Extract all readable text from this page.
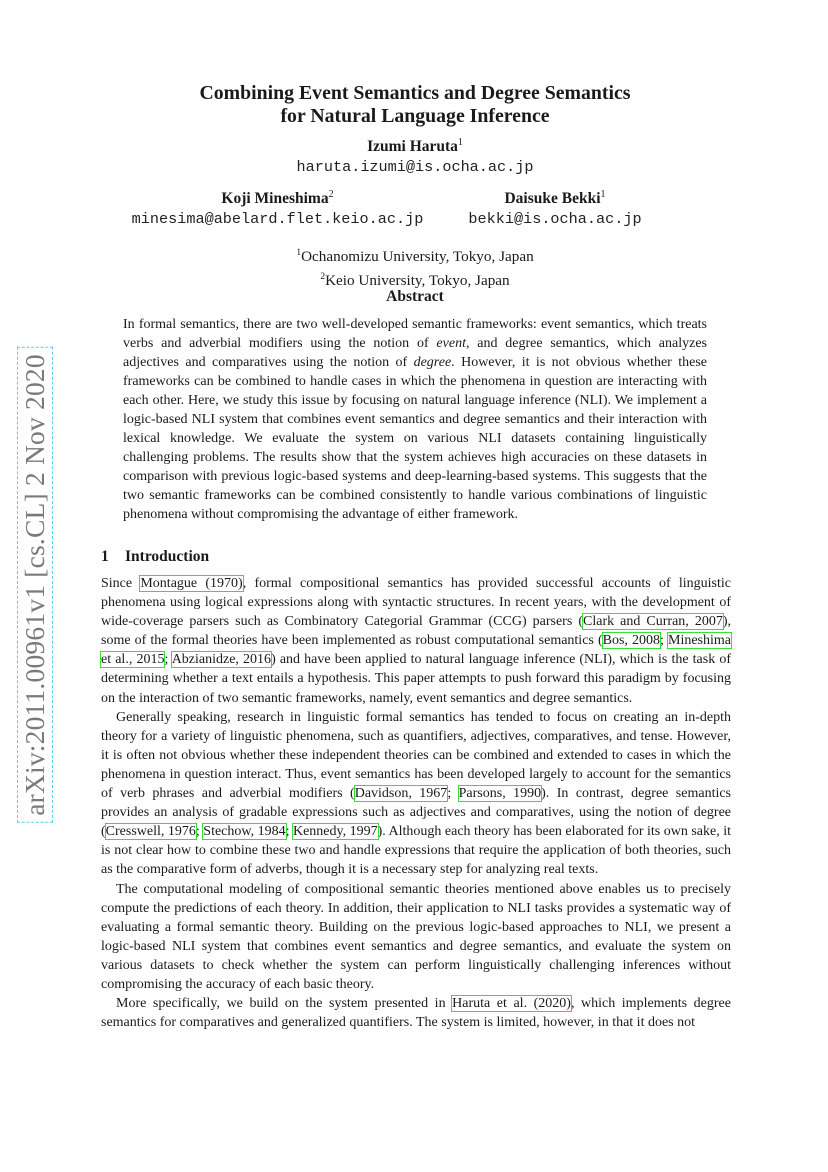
arXiv:2011.00961v1 [cs.CL] 2 Nov 2020
Combining Event Semantics and Degree Semantics
for Natural Language Inference
Izumi Haruta$^1$
haruta.izumi@is.ocha.ac.jp
Koji Mineshima$^2$
minesima@abelard.flet.keio.ac.jp
Daisuke Bekki$^1$
bekki@is.ocha.ac.jp
$^1$Ochanomizu University, Tokyo, Japan
$^2$Keio University, Tokyo, Japan
Abstract
In formal semantics, there are two well-developed semantic frameworks: event semantics, which treats verbs and adverbial modifiers using the notion of event, and degree semantics, which analyzes adjectives and comparatives using the notion of degree. However, it is not obvious whether these frameworks can be combined to handle cases in which the phenomena in question are interacting with each other. Here, we study this issue by focusing on natural language inference (NLI). We implement a logic-based NLI system that combines event semantics and degree semantics and their interaction with lexical knowledge. We evaluate the system on various NLI datasets containing linguistically challenging problems. The results show that the system achieves high accuracies on these datasets in comparison with previous logic-based systems and deep-learning-based systems. This suggests that the two semantic frameworks can be combined consistently to handle various combinations of linguistic phenomena without compromising the advantage of either framework.
1 Introduction

Since Montague (1970), formal compositional semantics has provided successful accounts of linguistic phenomena using logical expressions along with syntactic structures. In recent years, with the development of wide-coverage parsers such as Combinatory Categorial Grammar (CCG) parsers (Clark and Curran, 2007), some of the formal theories have been implemented as robust computational semantics (Bos, 2008; Mineshima et al., 2015; Abzianidze, 2016) and have been applied to natural language inference (NLI), which is the task of determining whether a text entails a hypothesis. This paper attempts to push forward this paradigm by focusing on the interaction of two semantic frameworks, namely, event semantics and degree semantics.

Generally speaking, research in linguistic formal semantics has tended to focus on creating an in-depth theory for a variety of linguistic phenomena, such as quantifiers, adjectives, comparatives, and tense. However, it is often not obvious whether these independent theories can be combined and extended to cases in which the phenomena in question interact. Thus, event semantics has been developed largely to account for the semantics of verb phrases and adverbial modifiers (Davidson, 1967; Parsons, 1990). In contrast, degree semantics provides an analysis of gradable expressions such as adjectives and comparatives, using the notion of degree (Cresswell, 1976; Stechow, 1984; Kennedy, 1997). Although each theory has been elaborated for its own sake, it is not clear how to combine these two and handle expressions that require the application of both theories, such as the comparative form of adverbs, though it is a necessary step for analyzing real texts.

The computational modeling of compositional semantic theories mentioned above enables us to precisely compute the predictions of each theory. In addition, their application to NLI tasks provides a systematic way of evaluating a formal semantic theory. Building on the previous logic-based approaches to NLI, we present a logic-based NLI system that combines event semantics and degree semantics, and evaluate the system on various datasets to check whether the system can perform linguistically challenging inferences without compromising the accuracy of each basic theory.

More specifically, we build on the system presented in Haruta et al. (2020), which implements degree semantics for comparatives and generalized quantifiers. The system is limited, however, in that it does not
